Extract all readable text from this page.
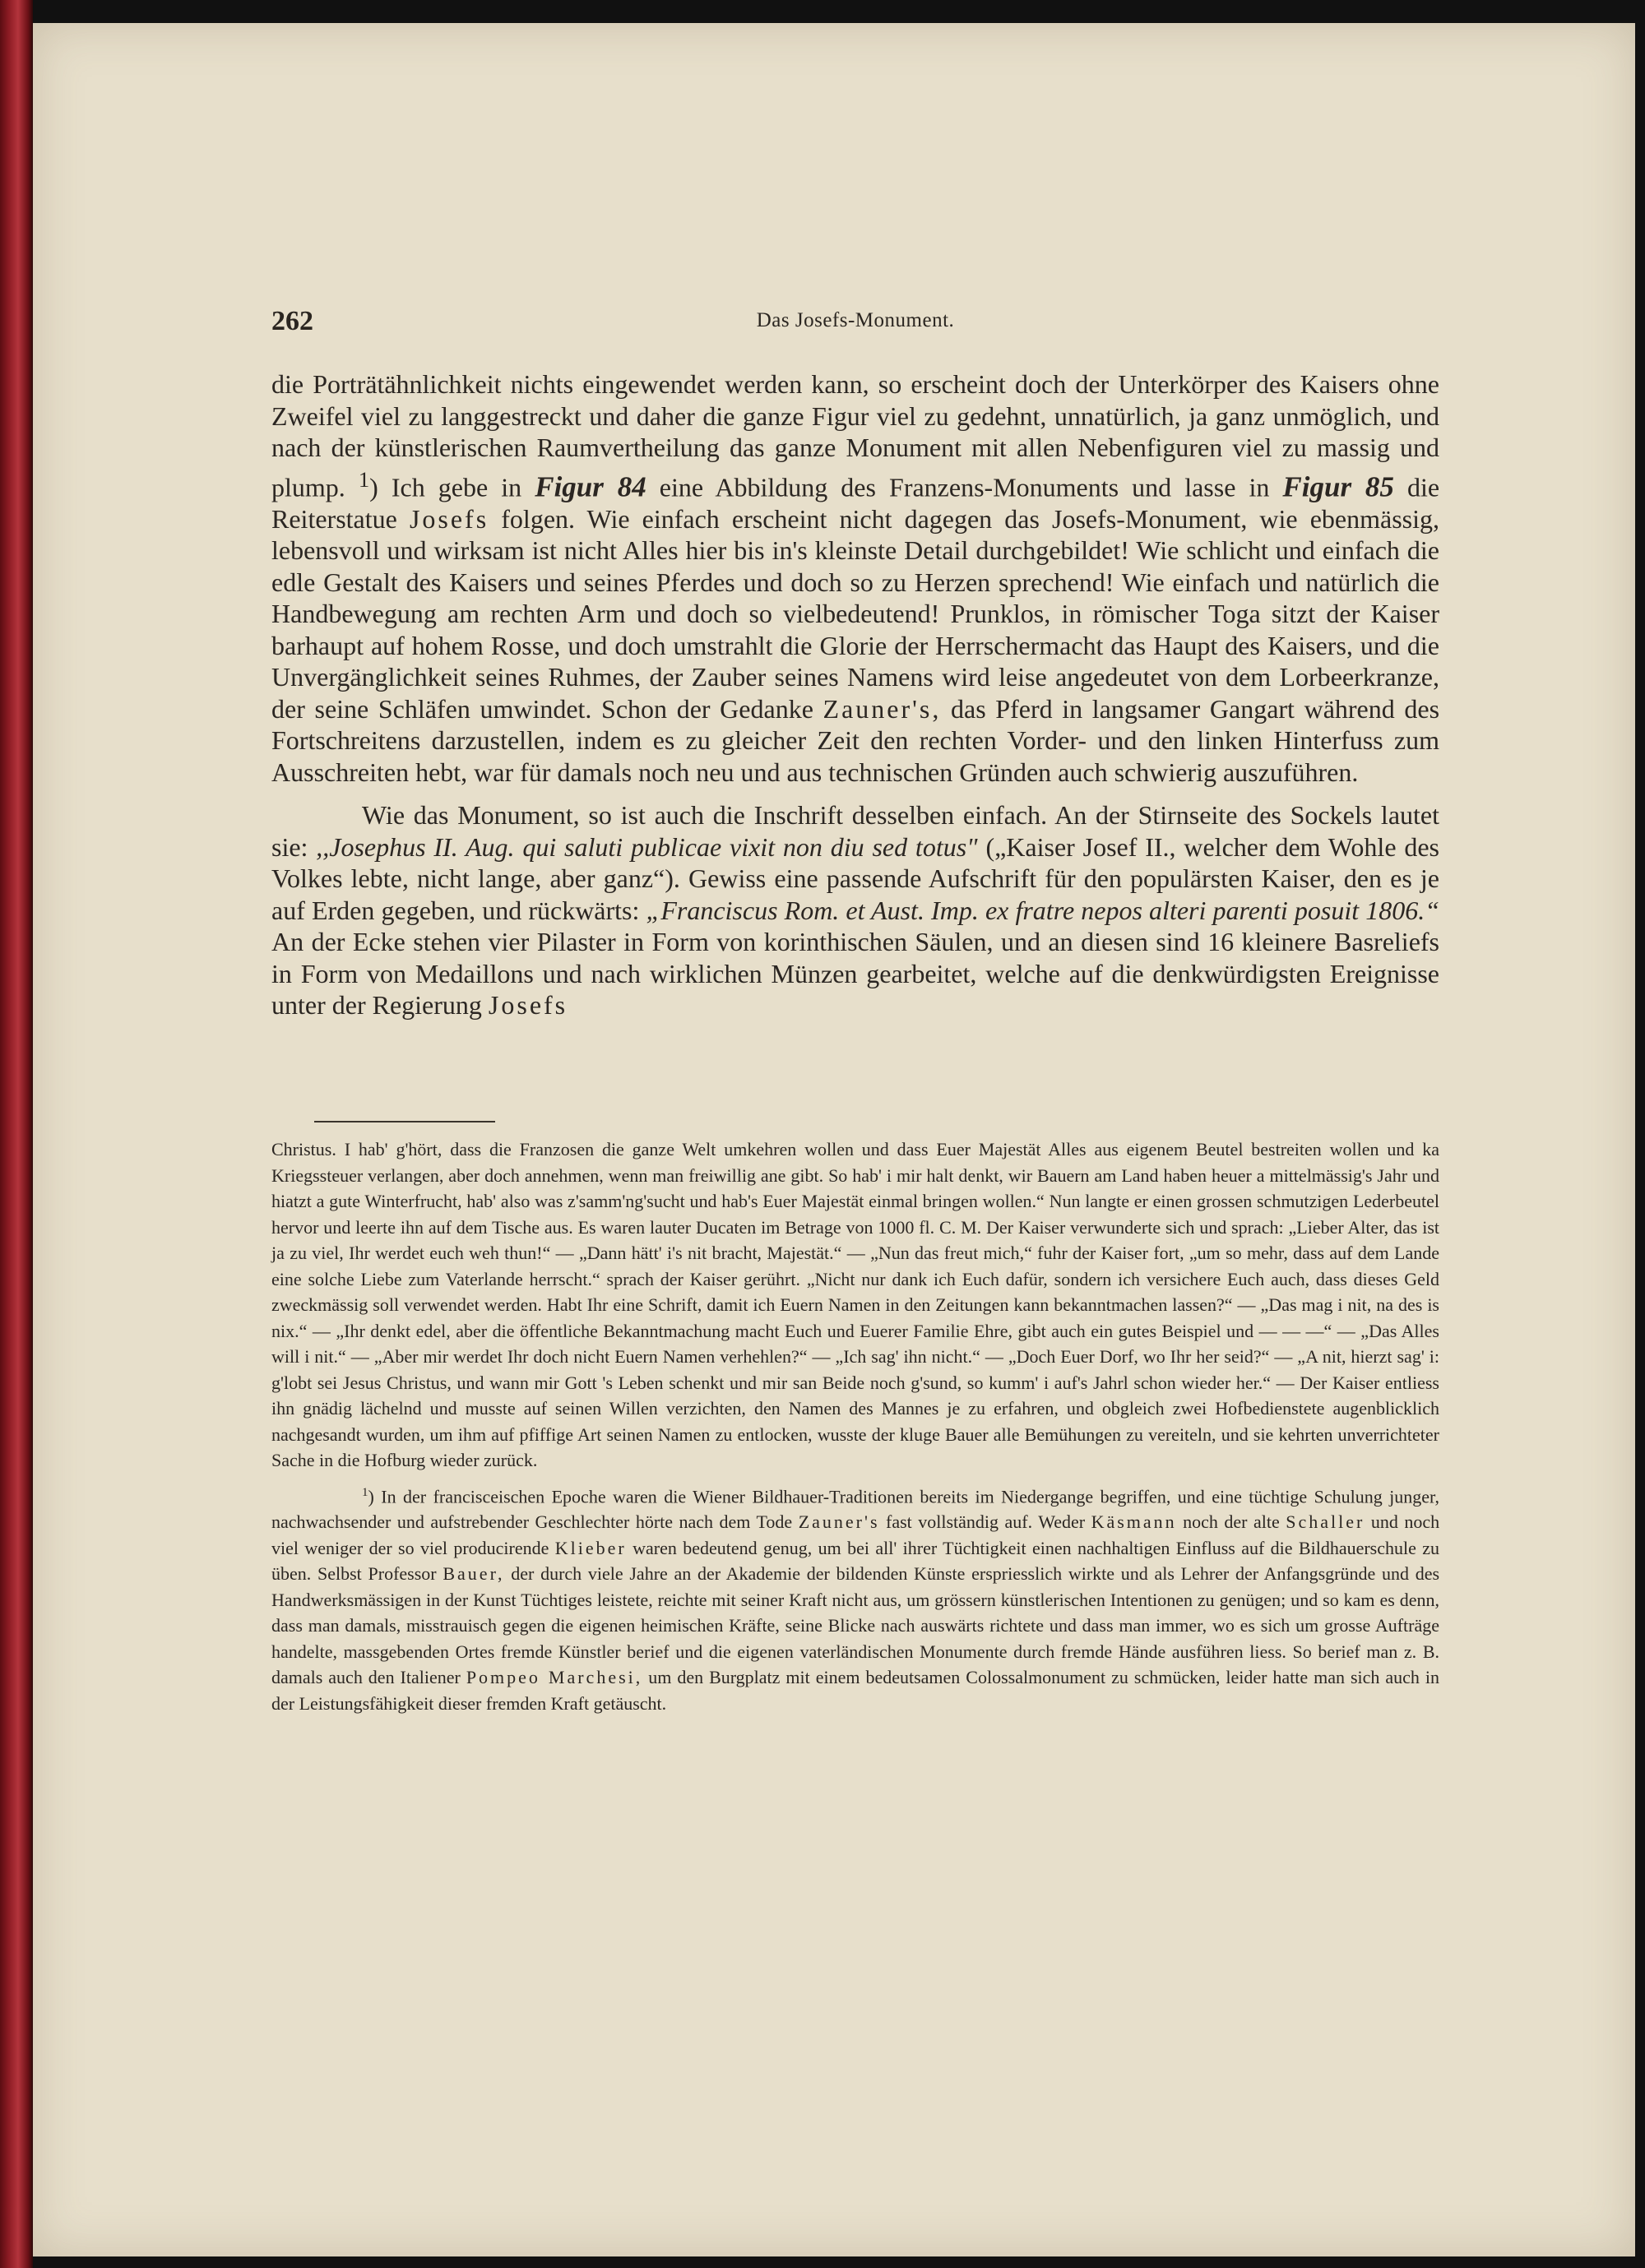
262	Das Josefs-Monument.

die Porträtähnlichkeit nichts eingewendet werden kann, so erscheint doch der Unterkörper des Kaisers ohne Zweifel viel zu langgestreckt und daher die ganze Figur viel zu gedehnt, unnatürlich, ja ganz unmöglich, und nach der künstlerischen Raumvertheilung das ganze Monument mit allen Nebenfiguren viel zu massig und plump. $^1$) Ich gebe in Figur 84 eine Abbildung des Franzens-Monuments und lasse in Figur 85 die Reiterstatue Josefs folgen. Wie einfach erscheint nicht dagegen das Josefs-Monument, wie ebenmässig, lebensvoll und wirksam ist nicht Alles hier bis in's kleinste Detail durchgebildet! Wie schlicht und einfach die edle Gestalt des Kaisers und seines Pferdes und doch so zu Herzen sprechend! Wie einfach und natürlich die Handbewegung am rechten Arm und doch so vielbedeutend! Prunklos, in römischer Toga sitzt der Kaiser barhaupt auf hohem Rosse, und doch umstrahlt die Glorie der Herrschermacht das Haupt des Kaisers, und die Unvergänglichkeit seines Ruhmes, der Zauber seines Namens wird leise angedeutet von dem Lorbeerkranze, der seine Schläfen umwindet. Schon der Gedanke Zauner's, das Pferd in langsamer Gangart während des Fortschreitens darzustellen, indem es zu gleicher Zeit den rechten Vorder- und den linken Hinterfuss zum Ausschreiten hebt, war für damals noch neu und aus technischen Gründen auch schwierig auszuführen.

Wie das Monument, so ist auch die Inschrift desselben einfach. An der Stirnseite des Sockels lautet sie: ,,Josephus II. Aug. qui saluti publicae vixit non diu sed totus" („Kaiser Josef II., welcher dem Wohle des Volkes lebte, nicht lange, aber ganz“). Gewiss eine passende Aufschrift für den populärsten Kaiser, den es je auf Erden gegeben, und rückwärts: „Franciscus Rom. et Aust. Imp. ex fratre nepos alteri parenti posuit 1806.“ An der Ecke stehen vier Pilaster in Form von korinthischen Säulen, und an diesen sind 16 kleinere Basreliefs in Form von Medaillons und nach wirklichen Münzen gearbeitet, welche auf die denkwürdigsten Ereignisse unter der Regierung Josefs

Christus. I hab' g'hört, dass die Franzosen die ganze Welt umkehren wollen und dass Euer Majestät Alles aus eigenem Beutel bestreiten wollen und ka Kriegssteuer verlangen, aber doch annehmen, wenn man freiwillig ane gibt. So hab' i mir halt denkt, wir Bauern am Land haben heuer a mittelmässig's Jahr und hiatzt a gute Winterfrucht, hab' also was z'samm'ng'sucht und hab's Euer Majestät einmal bringen wollen.“ Nun langte er einen grossen schmutzigen Lederbeutel hervor und leerte ihn auf dem Tische aus. Es waren lauter Ducaten im Betrage von 1000 fl. C. M. Der Kaiser verwunderte sich und sprach: „Lieber Alter, das ist ja zu viel, Ihr werdet euch weh thun!“ — „Dann hätt' i's nit bracht, Majestät.“ — „Nun das freut mich,“ fuhr der Kaiser fort, „um so mehr, dass auf dem Lande eine solche Liebe zum Vaterlande herrscht.“ sprach der Kaiser gerührt. „Nicht nur dank ich Euch dafür, sondern ich versichere Euch auch, dass dieses Geld zweckmässig soll verwendet werden. Habt Ihr eine Schrift, damit ich Euern Namen in den Zeitungen kann bekanntmachen lassen?“ — „Das mag i nit, na des is nix.“ — „Ihr denkt edel, aber die öffentliche Bekanntmachung macht Euch und Euerer Familie Ehre, gibt auch ein gutes Beispiel und — — —“ — „Das Alles will i nit.“ — „Aber mir werdet Ihr doch nicht Euern Namen verhehlen?“ — „Ich sag' ihn nicht.“ — „Doch Euer Dorf, wo Ihr her seid?“ — „A nit, hierzt sag' i: g'lobt sei Jesus Christus, und wann mir Gott 's Leben schenkt und mir san Beide noch g'sund, so kumm' i auf's Jahrl schon wieder her.“ — Der Kaiser entliess ihn gnädig lächelnd und musste auf seinen Willen verzichten, den Namen des Mannes je zu erfahren, und obgleich zwei Hofbedienstete augenblicklich nachgesandt wurden, um ihm auf pfiffige Art seinen Namen zu entlocken, wusste der kluge Bauer alle Bemühungen zu vereiteln, und sie kehrten unverrichteter Sache in die Hofburg wieder zurück.

$^1$) In der francisceischen Epoche waren die Wiener Bildhauer-Traditionen bereits im Niedergange begriffen, und eine tüchtige Schulung junger, nachwachsender und aufstrebender Geschlechter hörte nach dem Tode Zauner's fast vollständig auf. Weder Käsmann noch der alte Schaller und noch viel weniger der so viel producirende Klieber waren bedeutend genug, um bei all' ihrer Tüchtigkeit einen nachhaltigen Einfluss auf die Bildhauerschule zu üben. Selbst Professor Bauer, der durch viele Jahre an der Akademie der bildenden Künste erspriesslich wirkte und als Lehrer der Anfangsgründe und des Handwerksmässigen in der Kunst Tüchtiges leistete, reichte mit seiner Kraft nicht aus, um grössern künstlerischen Intentionen zu genügen; und so kam es denn, dass man damals, misstrauisch gegen die eigenen heimischen Kräfte, seine Blicke nach auswärts richtete und dass man immer, wo es sich um grosse Aufträge handelte, massgebenden Ortes fremde Künstler berief und die eigenen vaterländischen Monumente durch fremde Hände ausführen liess. So berief man z. B. damals auch den Italiener Pompeo Marchesi, um den Burgplatz mit einem bedeutsamen Colossalmonument zu schmücken, leider hatte man sich auch in der Leistungsfähigkeit dieser fremden Kraft getäuscht.
